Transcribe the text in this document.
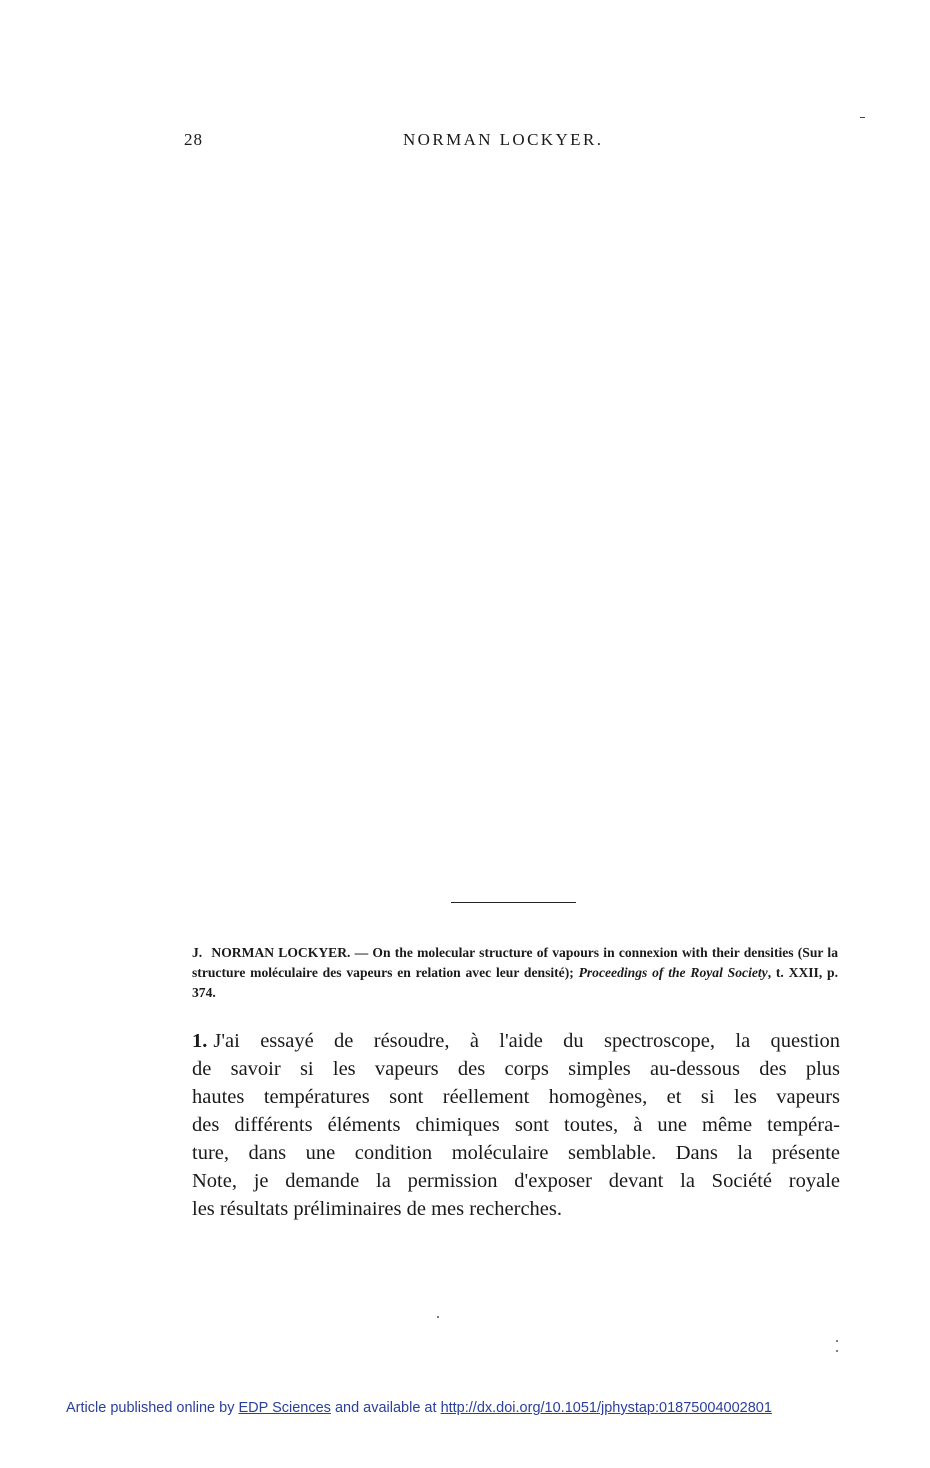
28	NORMAN LOCKYER.
J. NORMAN LOCKYER. — On the molecular structure of vapours in connexion with their densities (Sur la structure moléculaire des vapeurs en relation avec leur densité); Proceedings of the Royal Society, t. XXII, p. 374.
1. J'ai essayé de résoudre, à l'aide du spectroscope, la question
de savoir si les vapeurs des corps simples au-dessous des plus
hautes températures sont réellement homogènes, et si les vapeurs
des différents éléments chimiques sont toutes, à une même tempéra-
ture, dans une condition moléculaire semblable. Dans la présente
Note, je demande la permission d'exposer devant la Société royale
les résultats préliminaires de mes recherches.
Article published online by EDP Sciences and available at http://dx.doi.org/10.1051/jphystap:01875004002801
